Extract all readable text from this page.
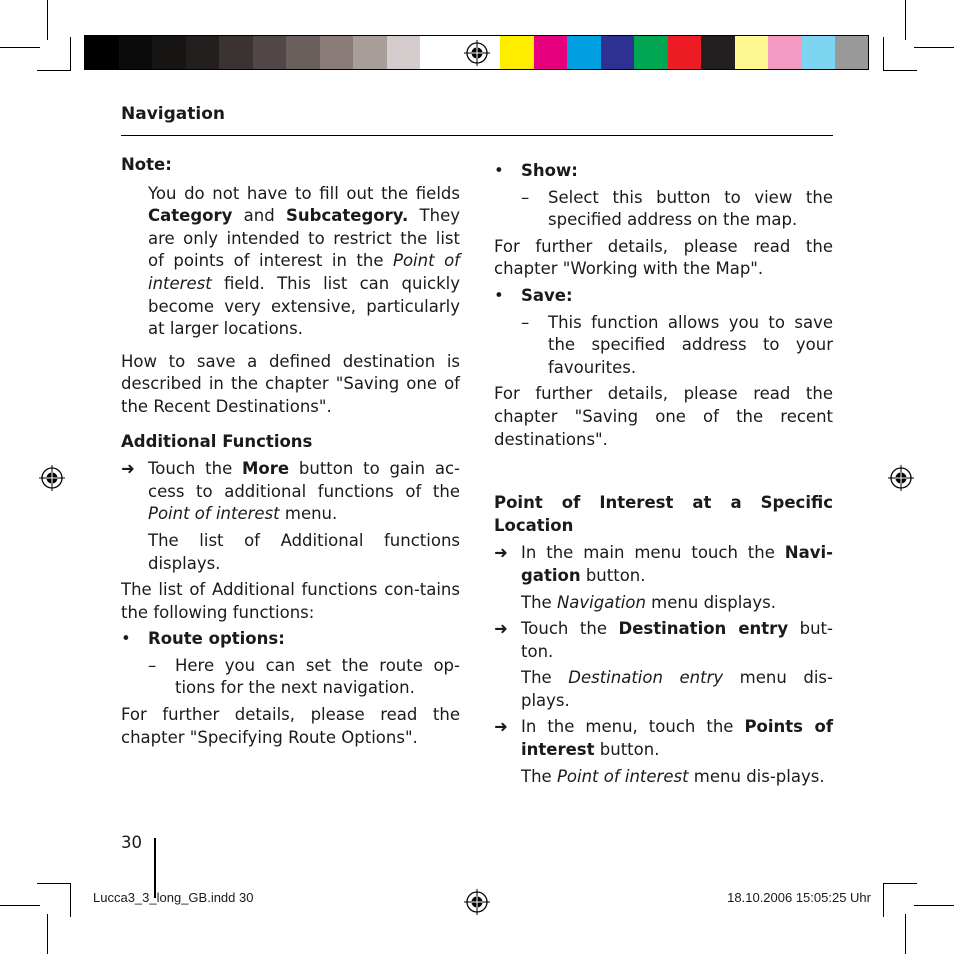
Navigation

Note:

You do not have to fill out the fields Category and Subcategory. They are only intended to restrict the list of points of interest in the Point of interest field. This list can quickly become very extensive, particularly at larger locations.

How to save a defined destination is described in the chapter "Saving one of the Recent Destinations".

Additional Functions

➜ Touch the More button to gain ac-cess to additional functions of the Point of interest menu.

The list of Additional functions displays.

The list of Additional functions con-tains the following functions:

• Route options:

– Here you can set the route op-tions for the next navigation.

For further details, please read the chapter "Specifying Route Options".

• Show:

– Select this button to view the specified address on the map.

For further details, please read the chapter "Working with the Map".

• Save:

– This function allows you to save the specified address to your favourites.

For further details, please read the chapter "Saving one of the recent destinations".

Point of Interest at a Specific Location

➜ In the main menu touch the Navi-gation button.

The Navigation menu displays.

➜ Touch the Destination entry but-ton.

The Destination entry menu dis-plays.

➜ In the menu, touch the Points of interest button.

The Point of interest menu dis-plays.

30
Lucca3_3_long_GB.indd 30	18.10.2006 15:05:25 Uhr
